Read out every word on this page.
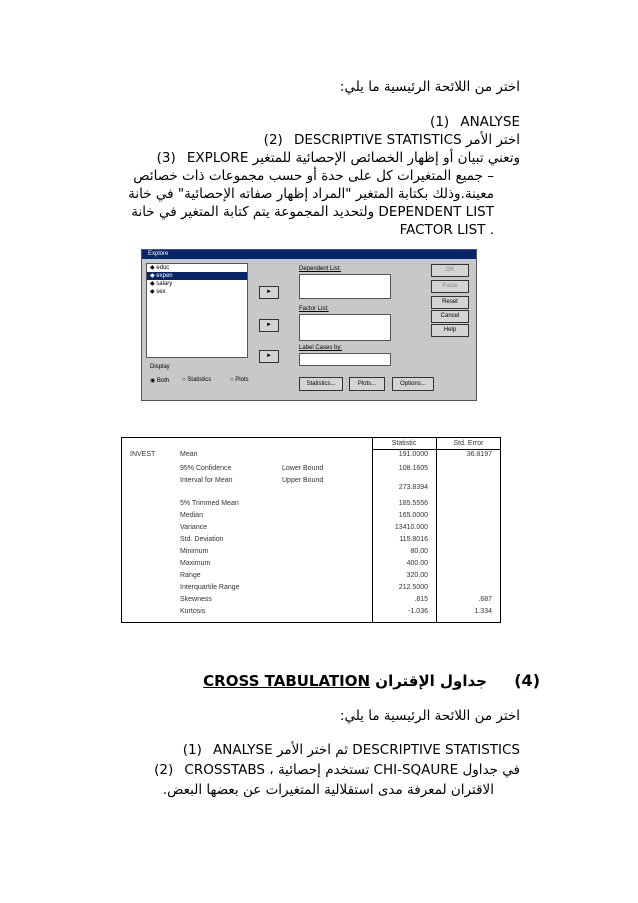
اختر من اللائحة الرئيسية ما يلي:
(1) ANALYSE
(2) DESCRIPTIVE STATISTICS اختر الأمر
(3) EXPLORE وتعني تبيان أو إظهار الخصائص الإحصائية للمتغير
– جميع المتغيرات كل على حدة أو حسب مجموعات ذات خصائص
معينة.وذلك بكتابة المتغير "المراد إظهار صفاته الإحصائية" في خانة
DEPENDENT LIST ولتحديد المجموعة يتم كتابة المتغير في خانة
. FACTOR LIST
Explore
◆ educ
◆ expen
◆ salary
◆ sex	►
►
►
Dependent List:
Factor List:
Label Cases by:
OK
Paste
Reset
Cancel
Help
Display
◉ Both ○ Statistics	○ Plots
Statistics...	Plots...	Options...
Statistic	Std. Error
INVEST	Mean	191.0000	36.8197
95% Confidence	Lower Bound	108.1605
Interval for Mean	Upper Bound
273.8394
5% Trimmed Mean	185.5556
Median	165.0000
Variance	13410.000
Std. Deviation	115.8016
Minimum	80.00
Maximum	400.00
Range	320.00
Interquartile Range	212.5000
Skewness	.815	.687
Kurtosis	-1.036	1.334
(4) جداول الإقتران CROSS TABULATION
اختر من اللائحة الرئيسية ما يلي:
(1) ANALYSE ثم اختر الأمر DESCRIPTIVE STATISTICS
(2) CROSSTABS ، تستخدم إحصائية CHI-SQAURE في جداول
الاقتران لمعرفة مدى استقلالية المتغيرات عن بعضها البعض.
